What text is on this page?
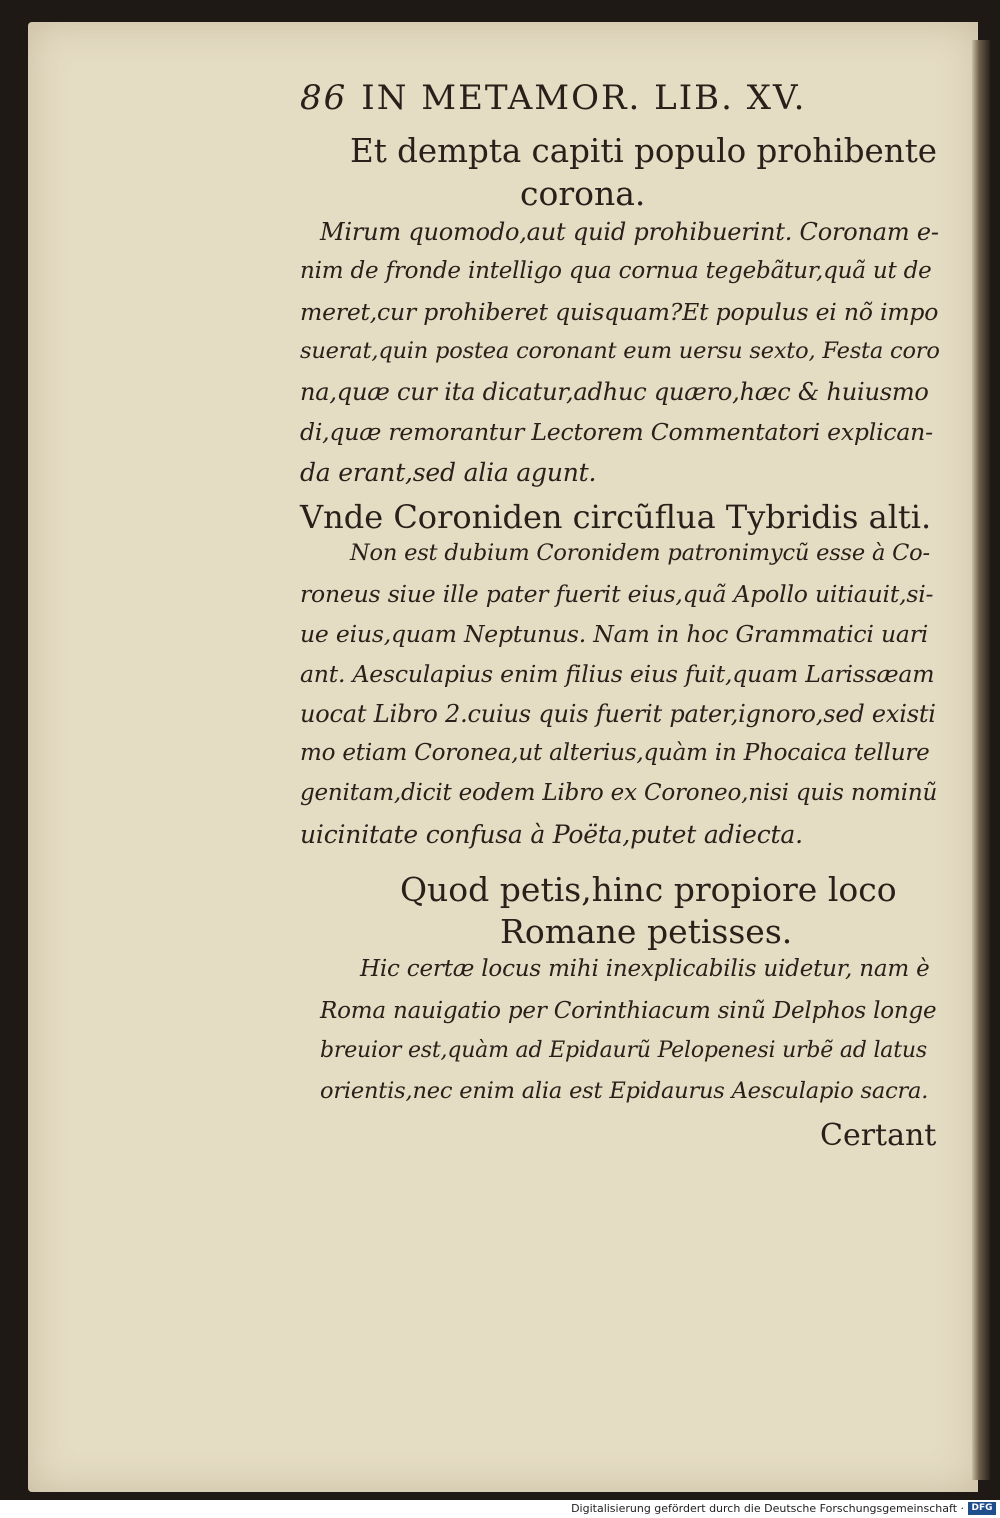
86 IN METAMOR. LIB. XV.
Et dempta capiti populo prohibente
corona.
Mirum quomodo,aut quid prohibuerint. Coronam e-
nim de fronde intelligo qua cornua tegebãtur,quã ut de
meret,cur prohiberet quisquam?Et populus ei nõ impo
suerat,quin postea coronant eum uersu sexto, Festa coro
na,quæ cur ita dicatur,adhuc quæro,hæc & huiusmo
di,quæ remorantur Lectorem Commentatori explican-
da erant,sed alia agunt.
Vnde Coroniden circũflua Tybridis alti.
Non est dubium Coronidem patronimycũ esse à Co-
roneus siue ille pater fuerit eius,quã Apollo uitiauit,si-
ue eius,quam Neptunus. Nam in hoc Grammatici uari
ant. Aesculapius enim filius eius fuit,quam Larissæam
uocat Libro 2.cuius quis fuerit pater,ignoro,sed existi
mo etiam Coronea,ut alterius,quàm in Phocaica tellure
genitam,dicit eodem Libro ex Coroneo,nisi quis nominũ
uicinitate confusa à Poëta,putet adiecta.
Quod petis,hinc propiore loco
Romane petisses.
Hic certæ locus mihi inexplicabilis uidetur, nam è
Roma nauigatio per Corinthiacum sinũ Delphos longe
breuior est,quàm ad Epidaurũ Pelopenesi urbẽ ad latus
orientis,nec enim alia est Epidaurus Aesculapio sacra.
Certant
Digitalisierung gefördert durch die Deutsche Forschungsgemeinschaft · DFG
